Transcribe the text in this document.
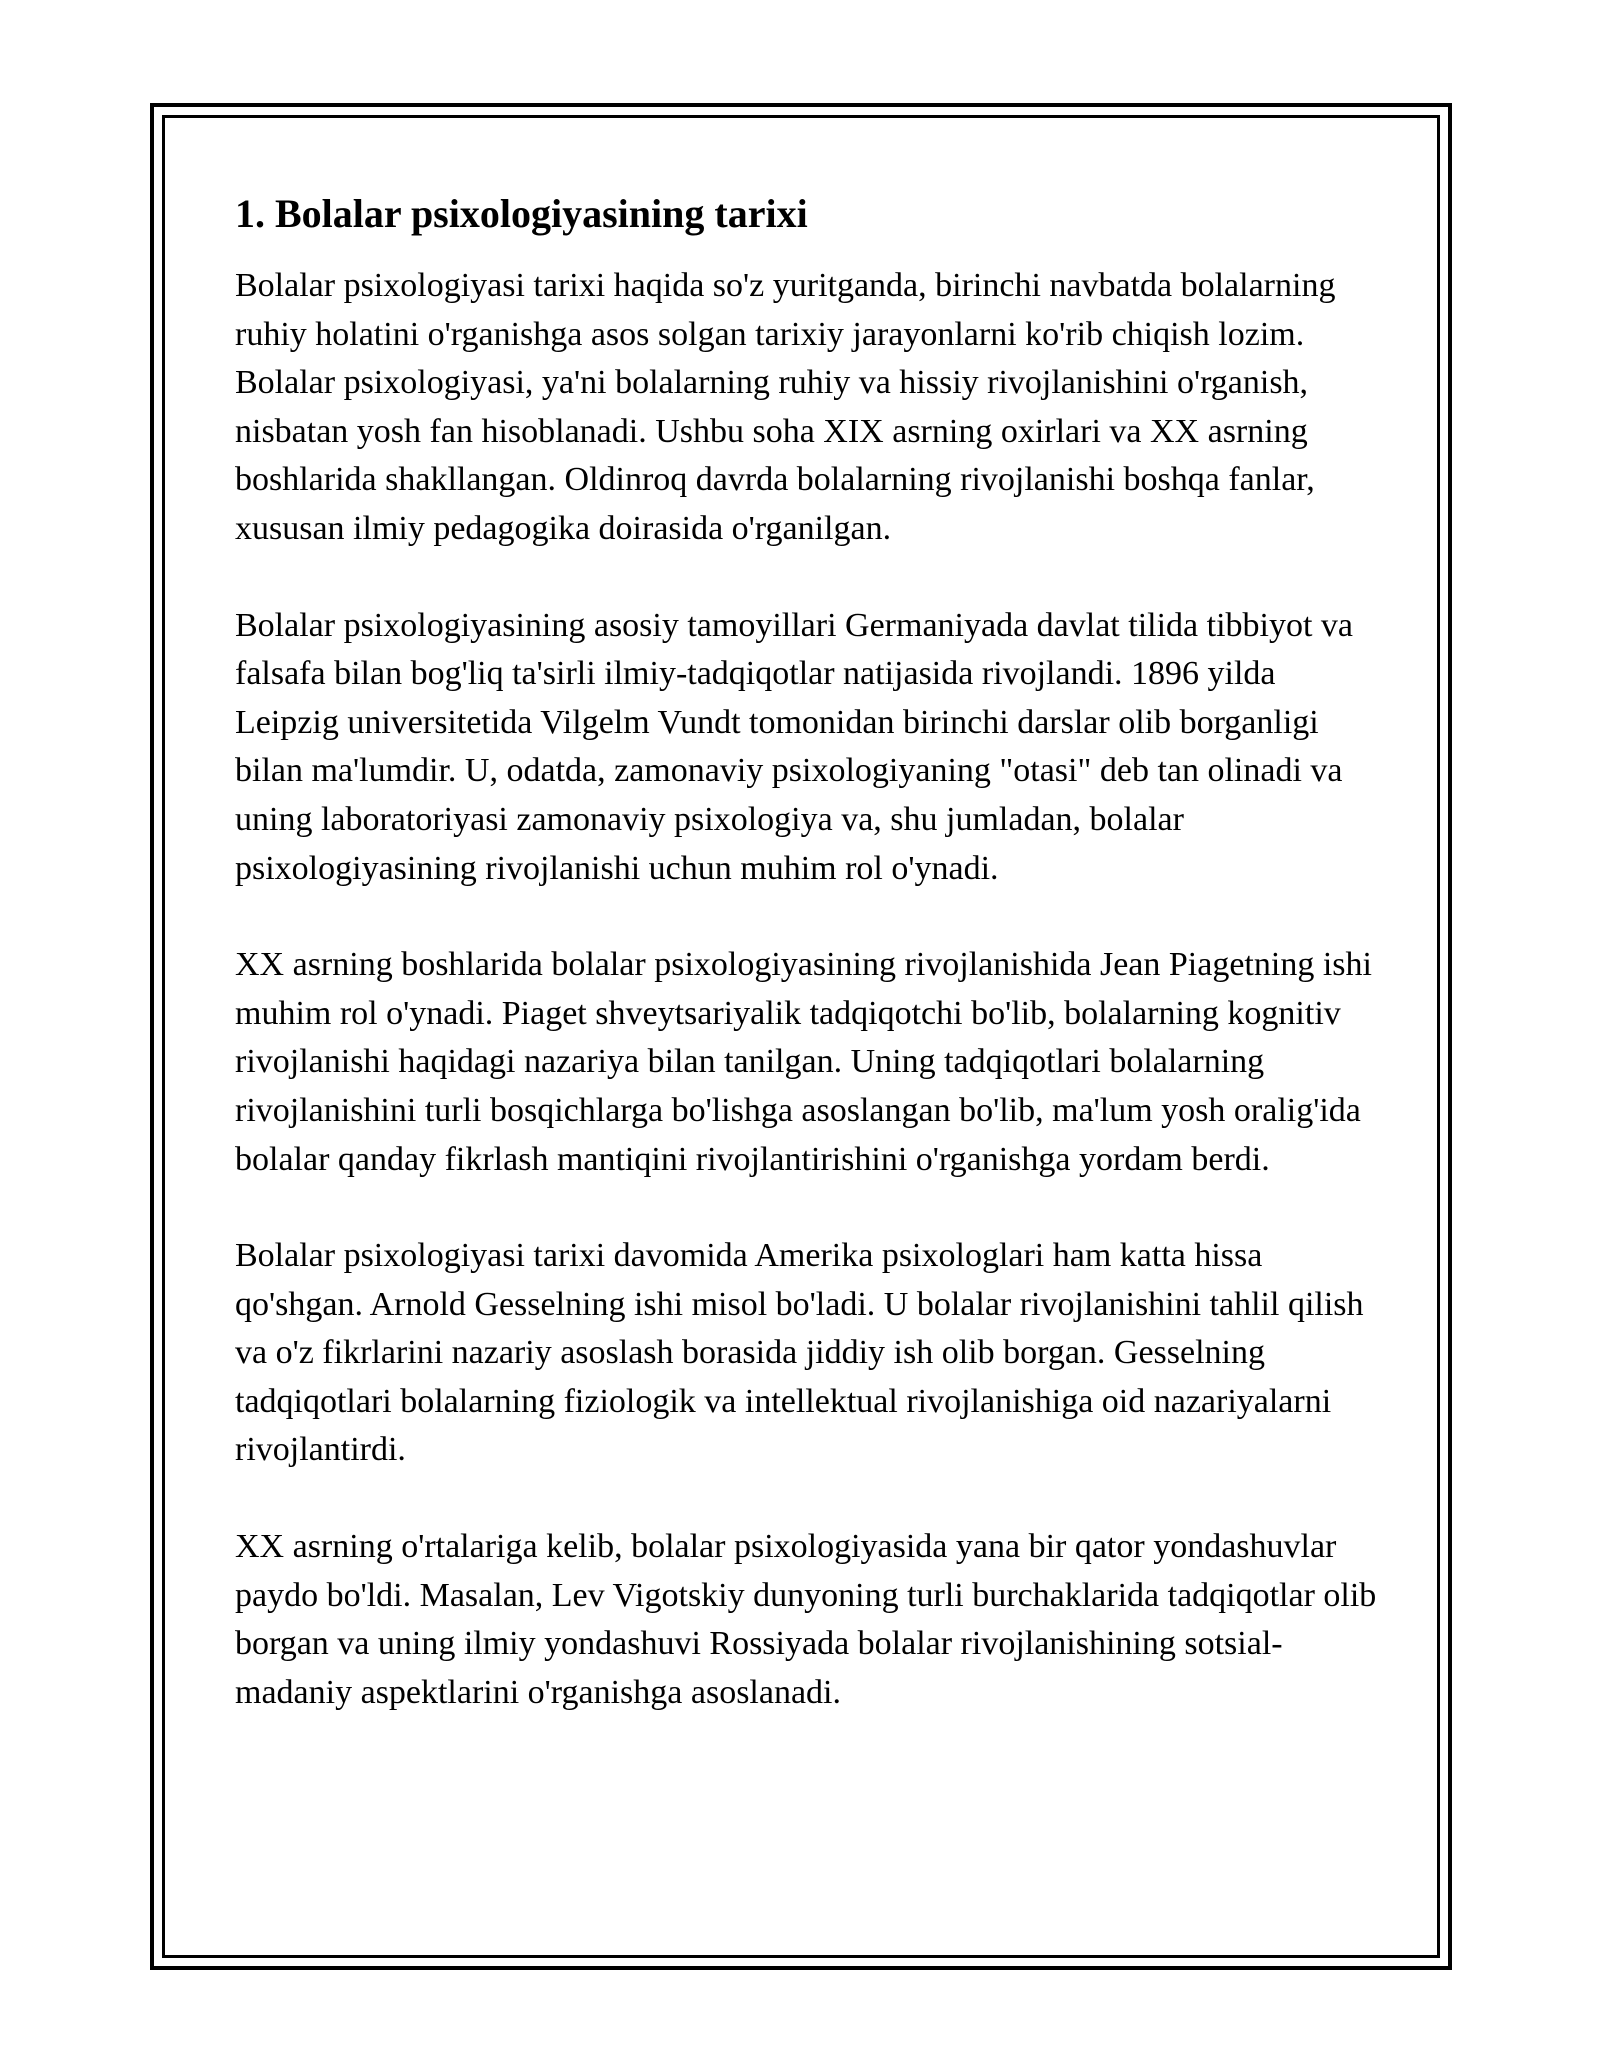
1. Bolalar psixologiyasining tarixi

Bolalar psixologiyasi tarixi haqida so'z yuritganda, birinchi navbatda bolalarning ruhiy holatini o'rganishga asos solgan tarixiy jarayonlarni ko'rib chiqish lozim. Bolalar psixologiyasi, ya'ni bolalarning ruhiy va hissiy rivojlanishini o'rganish, nisbatan yosh fan hisoblanadi. Ushbu soha XIX asrning oxirlari va XX asrning boshlarida shakllangan. Oldinroq davrda bolalarning rivojlanishi boshqa fanlar, xususan ilmiy pedagogika doirasida o'rganilgan.

Bolalar psixologiyasining asosiy tamoyillari Germaniyada davlat tilida tibbiyot va falsafa bilan bog'liq ta'sirli ilmiy-tadqiqotlar natijasida rivojlandi. 1896 yilda Leipzig universitetida Vilgelm Vundt tomonidan birinchi darslar olib borganligi bilan ma'lumdir. U, odatda, zamonaviy psixologiyaning "otasi" deb tan olinadi va uning laboratoriyasi zamonaviy psixologiya va, shu jumladan, bolalar psixologiyasining rivojlanishi uchun muhim rol o'ynadi.

XX asrning boshlarida bolalar psixologiyasining rivojlanishida Jean Piagetning ishi muhim rol o'ynadi. Piaget shveytsariyalik tadqiqotchi bo'lib, bolalarning kognitiv rivojlanishi haqidagi nazariya bilan tanilgan. Uning tadqiqotlari bolalarning rivojlanishini turli bosqichlarga bo'lishga asoslangan bo'lib, ma'lum yosh oralig'ida bolalar qanday fikrlash mantiqini rivojlantirishini o'rganishga yordam berdi.

Bolalar psixologiyasi tarixi davomida Amerika psixologlari ham katta hissa qo'shgan. Arnold Gesselning ishi misol bo'ladi. U bolalar rivojlanishini tahlil qilish va o'z fikrlarini nazariy asoslash borasida jiddiy ish olib borgan. Gesselning tadqiqotlari bolalarning fiziologik va intellektual rivojlanishiga oid nazariyalarni rivojlantirdi.

XX asrning o'rtalariga kelib, bolalar psixologiyasida yana bir qator yondashuvlar paydo bo'ldi. Masalan, Lev Vigotskiy dunyoning turli burchaklarida tadqiqotlar olib borgan va uning ilmiy yondashuvi Rossiyada bolalar rivojlanishining sotsial-madaniy aspektlarini o'rganishga asoslanadi.
